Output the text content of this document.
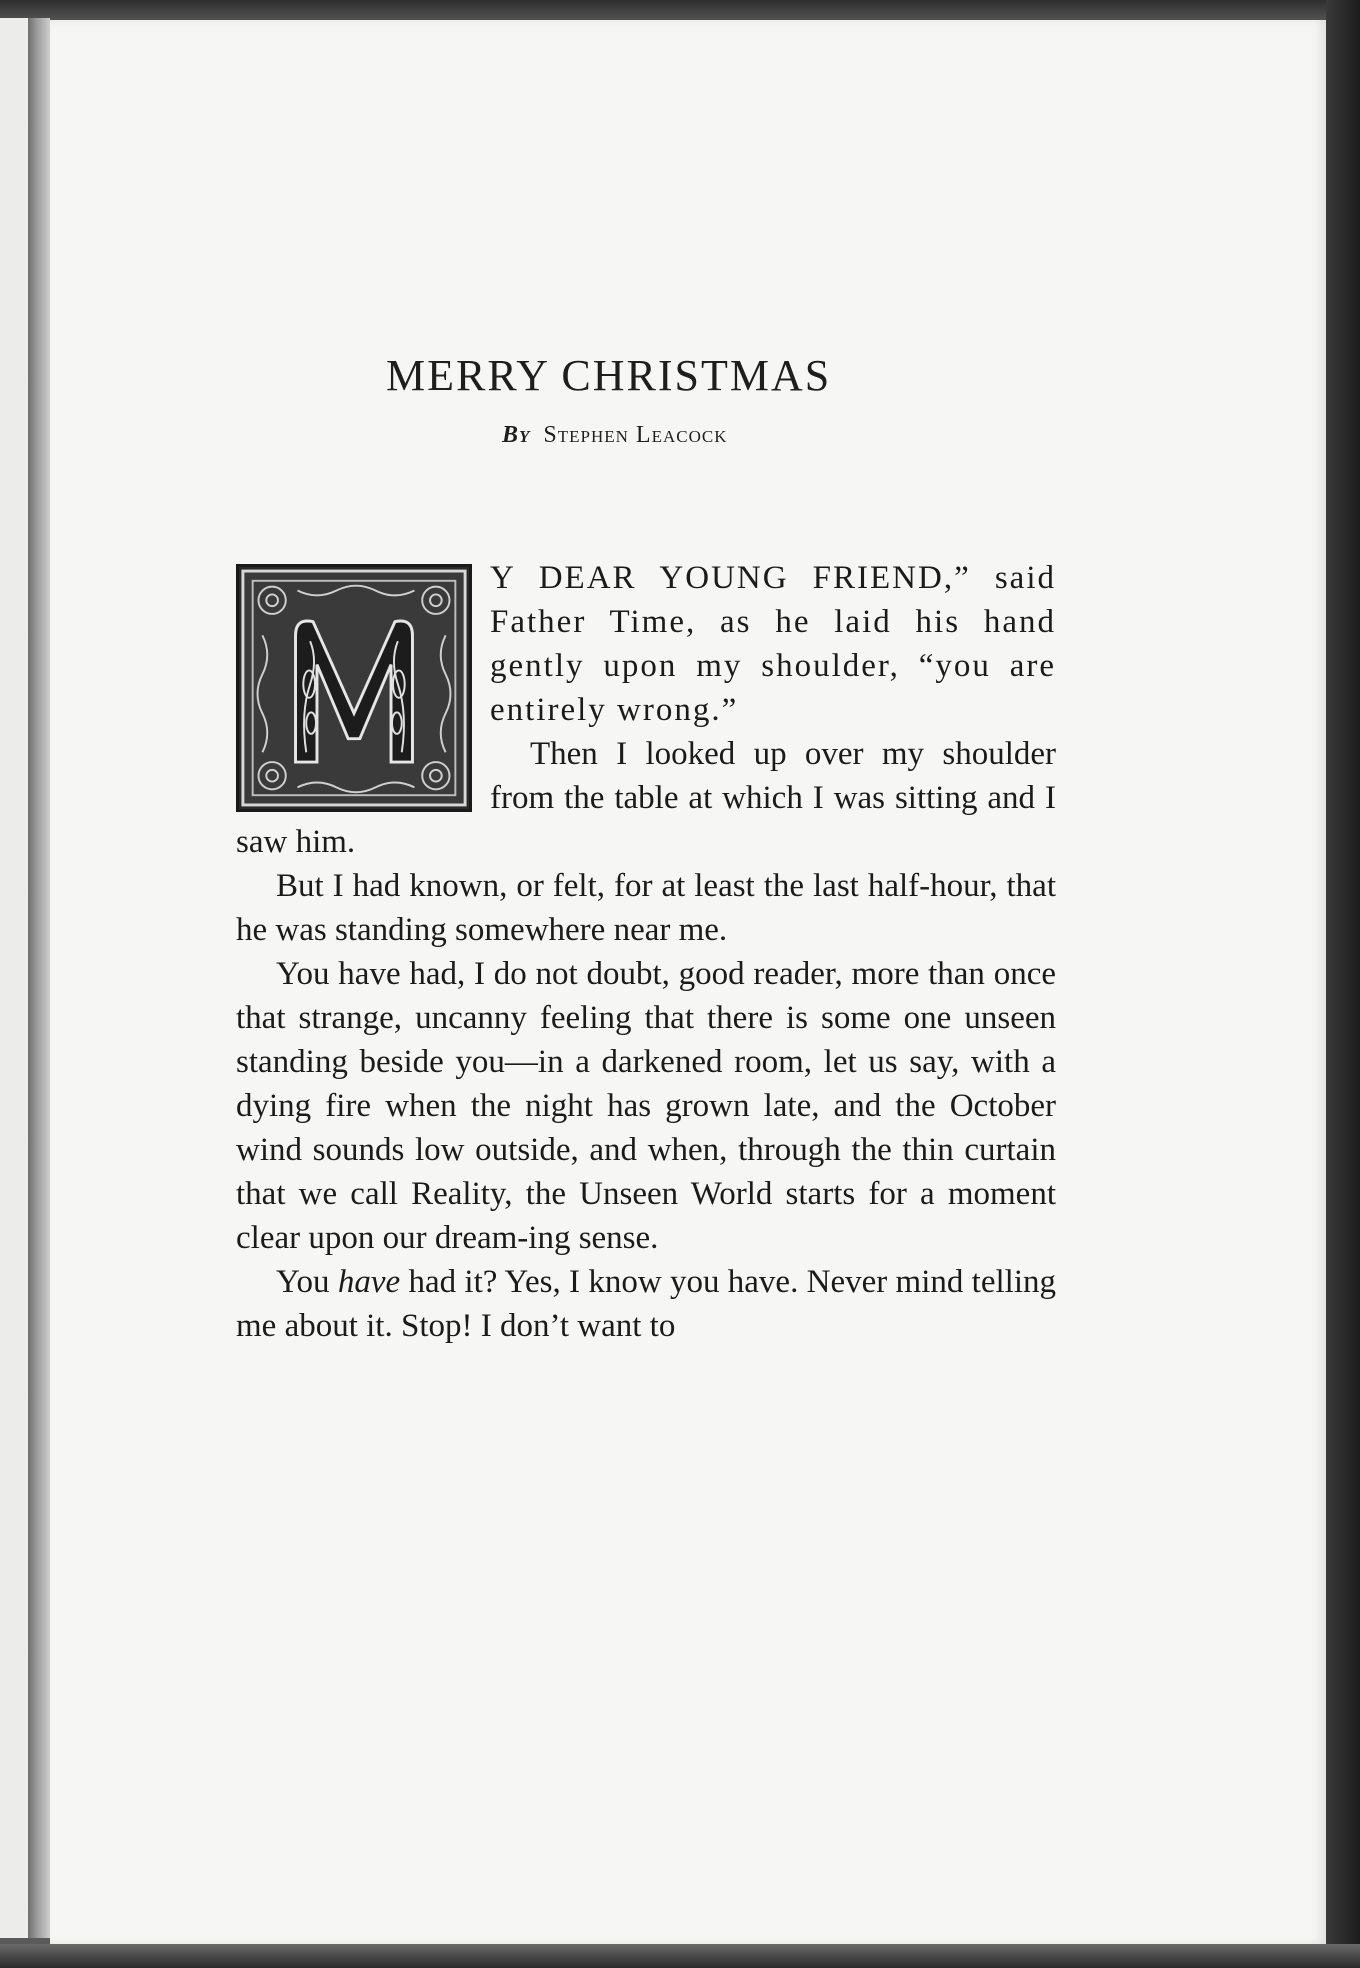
MERRY CHRISTMAS
By Stephen Leacock

Y DEAR YOUNG FRIEND,” said Father Time, as he laid his hand gently upon my shoulder, “you are entirely wrong.”

Then I looked up over my shoulder from the table at which I was sitting and I saw him.

But I had known, or felt, for at least the last half-hour, that he was standing somewhere near me.

You have had, I do not doubt, good reader, more than once that strange, uncanny feeling that there is some one unseen standing beside you—in a darkened room, let us say, with a dying fire when the night has grown late, and the October wind sounds low outside, and when, through the thin curtain that we call Reality, the Unseen World starts for a moment clear upon our dream-ing sense.

You have had it? Yes, I know you have. Never mind telling me about it. Stop! I don’t want to
